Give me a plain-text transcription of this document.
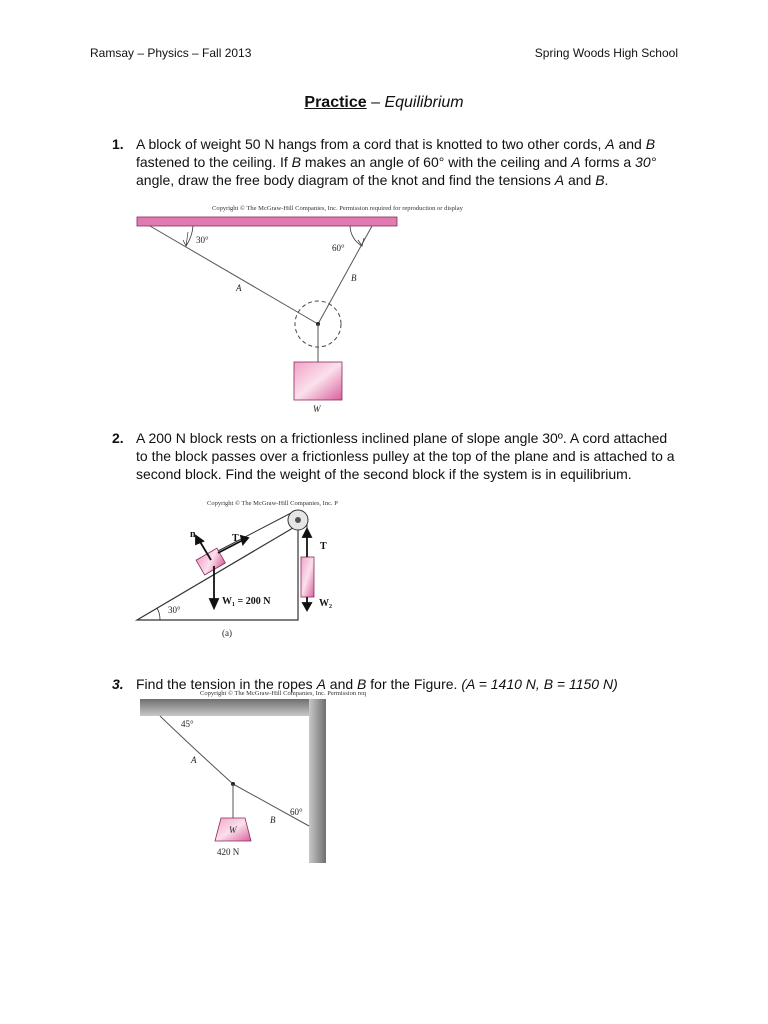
Ramsay – Physics – Fall 2013	Spring Woods High School
Practice – Equilibrium
1. A block of weight 50 N hangs from a cord that is knotted to two other cords, A and B fastened to the ceiling. If B makes an angle of 60° with the ceiling and A forms a 30° angle, draw the free body diagram of the knot and find the tensions A and B.
Copyright © The McGraw-Hill Companies, Inc. Permission required for reproduction or display
30°
60°
A
B
W
2. A 200 N block rests on a frictionless inclined plane of slope angle 30º. A cord attached to the block passes over a frictionless pulley at the top of the plane and is attached to a second block. Find the weight of the second block if the system is in equilibrium.
Copyright © The McGraw-Hill Companies, Inc. P
n	T
T
W₁ = 200 N	W₂
30°
(a)
3. Find the tension in the ropes A and B for the Figure. (A = 1410 N, B = 1150 N)
Copyright © The McGraw-Hill Companies, Inc. Permission req
45°
60°
A
B
W
420 N
